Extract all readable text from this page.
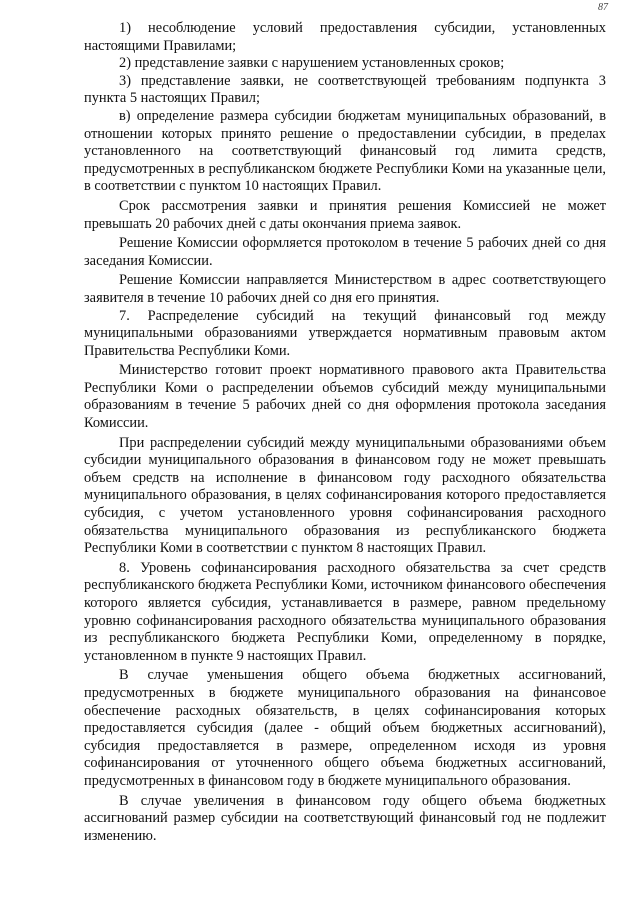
87

1) несоблюдение условий предоставления субсидии, установленных настоящими Правилами;

2) представление заявки с нарушением установленных сроков;

3) представление заявки, не соответствующей требованиям подпункта 3 пункта 5 настоящих Правил;

в) определение размера субсидии бюджетам муниципальных образований, в отношении которых принято решение о предоставлении субсидии, в пределах установленного на соответствующий финансовый год лимита средств, предусмотренных в республиканском бюджете Республики Коми на указанные цели, в соответствии с пунктом 10 настоящих Правил.

Срок рассмотрения заявки и принятия решения Комиссией не может превышать 20 рабочих дней с даты окончания приема заявок.

Решение Комиссии оформляется протоколом в течение 5 рабочих дней со дня заседания Комиссии.

Решение Комиссии направляется Министерством в адрес соответствующего заявителя в течение 10 рабочих дней со дня его принятия.

7. Распределение субсидий на текущий финансовый год между муниципальными образованиями утверждается нормативным правовым актом Правительства Республики Коми.

Министерство готовит проект нормативного правового акта Правительства Республики Коми о распределении объемов субсидий между муниципальными образованиям в течение 5 рабочих дней со дня оформления протокола заседания Комиссии.

При распределении субсидий между муниципальными образованиями объем субсидии муниципального образования в финансовом году не может превышать объем средств на исполнение в финансовом году расходного обязательства муниципального образования, в целях софинансирования которого предоставляется субсидия, с учетом установленного уровня софинансирования расходного обязательства муниципального образования из республиканского бюджета Республики Коми в соответствии с пунктом 8 настоящих Правил.

8. Уровень софинансирования расходного обязательства за счет средств республиканского бюджета Республики Коми, источником финансового обеспечения которого является субсидия, устанавливается в размере, равном предельному уровню софинансирования расходного обязательства муниципального образования из республиканского бюджета Республики Коми, определенному в порядке, установленном в пункте 9 настоящих Правил.

В случае уменьшения общего объема бюджетных ассигнований, предусмотренных в бюджете муниципального образования на финансовое обеспечение расходных обязательств, в целях софинансирования которых предоставляется субсидия (далее - общий объем бюджетных ассигнований), субсидия предоставляется в размере, определенном исходя из уровня софинансирования от уточненного общего объема бюджетных ассигнований, предусмотренных в финансовом году в бюджете муниципального образования.

В случае увеличения в финансовом году общего объема бюджетных ассигнований размер субсидии на соответствующий финансовый год не подлежит изменению.
